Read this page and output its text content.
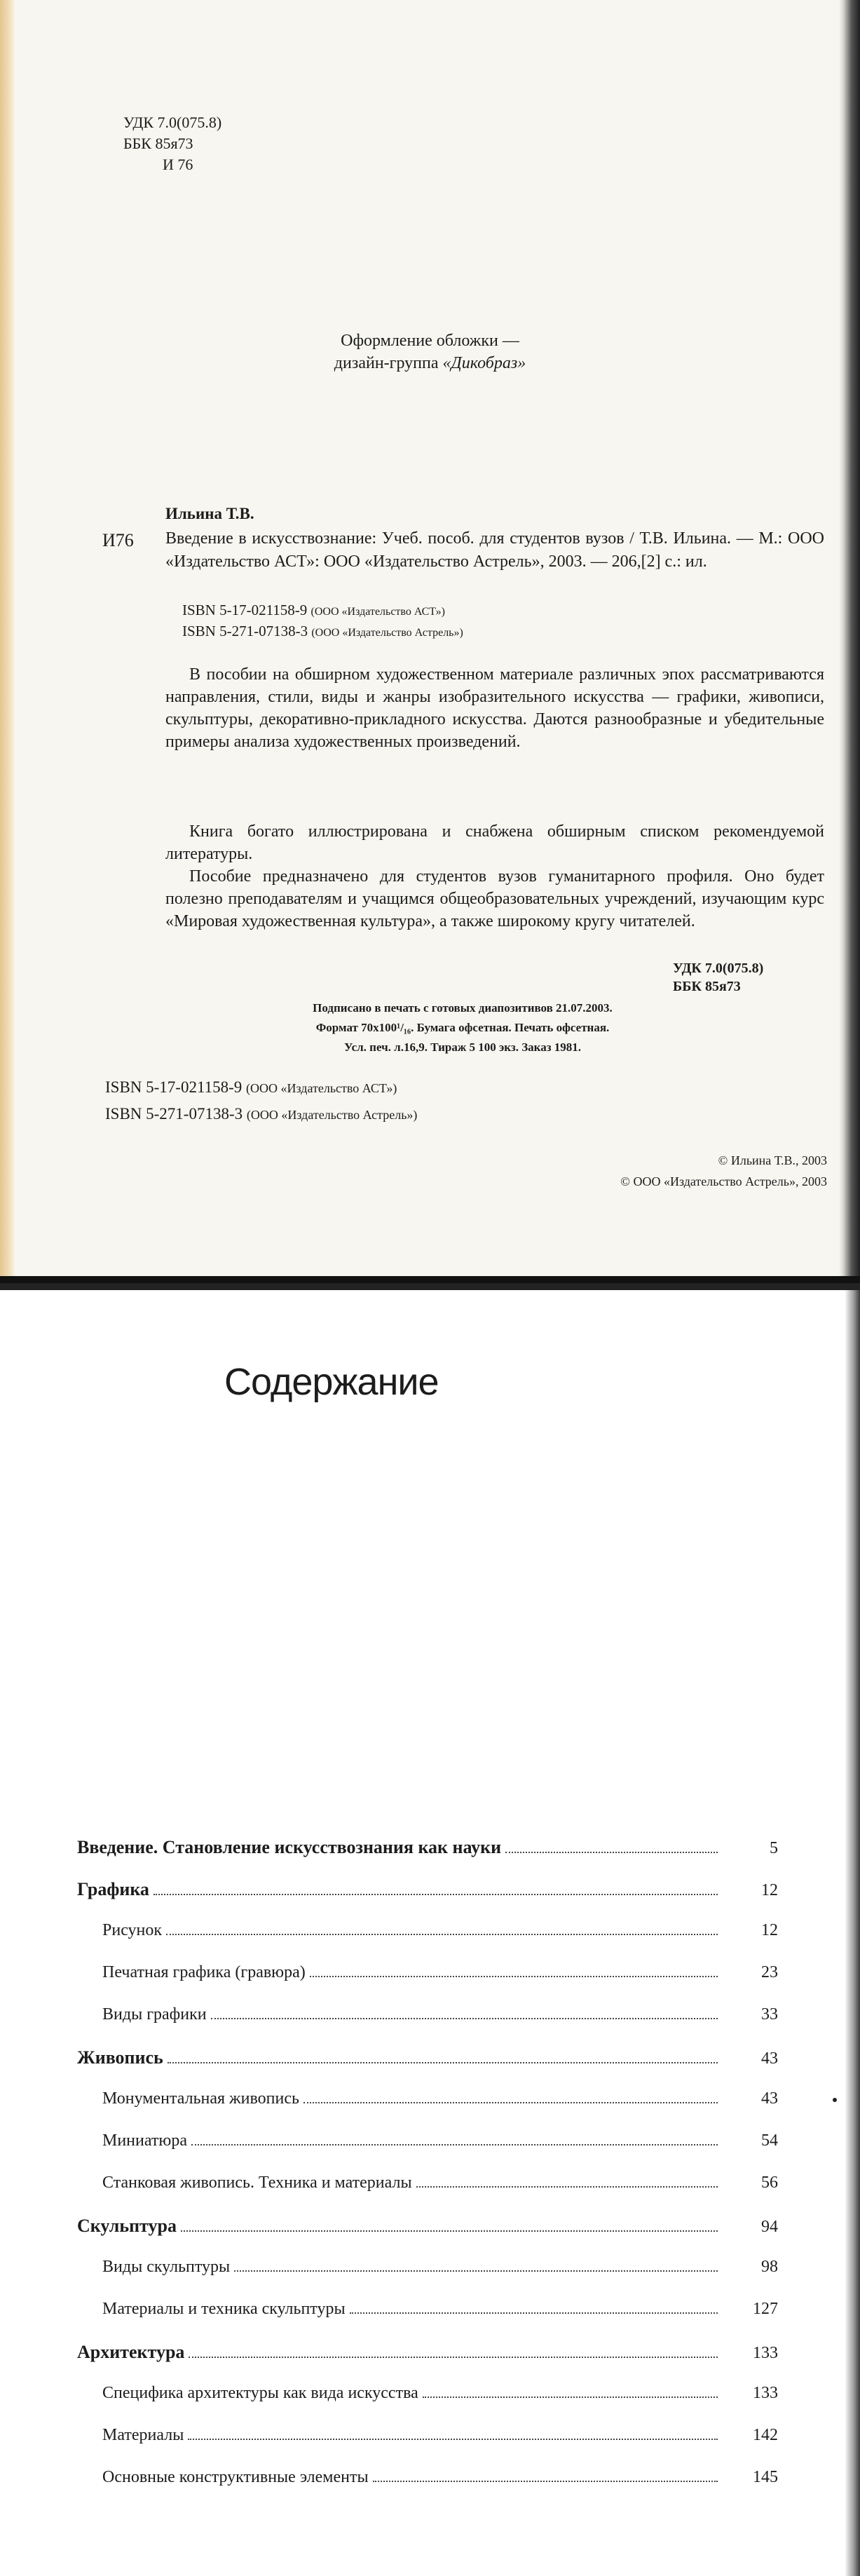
УДК 7.0(075.8)
ББК 85я73
И 76
Оформление обложки —
дизайн-группа «Дикобраз»
Ильина Т.В.
И76 Введение в искусствознание: Учеб. пособ. для студентов вузов / Т.В. Ильина. — М.: ООО «Издательство АСТ»: ООО «Издательство Астрель», 2003. — 206,[2] с.: ил.
ISBN 5-17-021158-9 (ООО «Издательство АСТ»)
ISBN 5-271-07138-3 (ООО «Издательство Астрель»)
В пособии на обширном художественном материале различных эпох рассматриваются направления, стили, виды и жанры изобразительного искусства — графики, живописи, скульптуры, декоративно-прикладного искусства. Даются разнообразные и убедительные примеры анализа художественных произведений.
Книга богато иллюстрирована и снабжена обширным списком рекомендуемой литературы.
Пособие предназначено для студентов вузов гуманитарного профиля. Оно будет полезно преподавателям и учащимся общеобразовательных учреждений, изучающим курс «Мировая художественная культура», а также широкому кругу читателей.
УДК 7.0(075.8)
ББК 85я73
Подписано в печать с готовых диапозитивов 21.07.2003.
Формат 70х100¹/₁₆. Бумага офсетная. Печать офсетная.
Усл. печ. л.16,9. Тираж 5 100 экз. Заказ 1981.
ISBN 5-17-021158-9 (ООО «Издательство АСТ»)
ISBN 5-271-07138-3 (ООО «Издательство Астрель»)
© Ильина Т.В., 2003
© ООО «Издательство Астрель», 2003
Содержание
Введение. Становление искусствознания как науки	5
Графика	12
Рисунок	12
Печатная графика (гравюра)	23
Виды графики	33
Живопись	43
Монументальная живопись	43
Миниатюра	54
Станковая живопись. Техника и материалы	56
Скульптура	94
Виды скульптуры	98
Материалы и техника скульптуры	127
Архитектура	133
Специфика архитектуры как вида искусства	133
Материалы	142
Основные конструктивные элементы	145
